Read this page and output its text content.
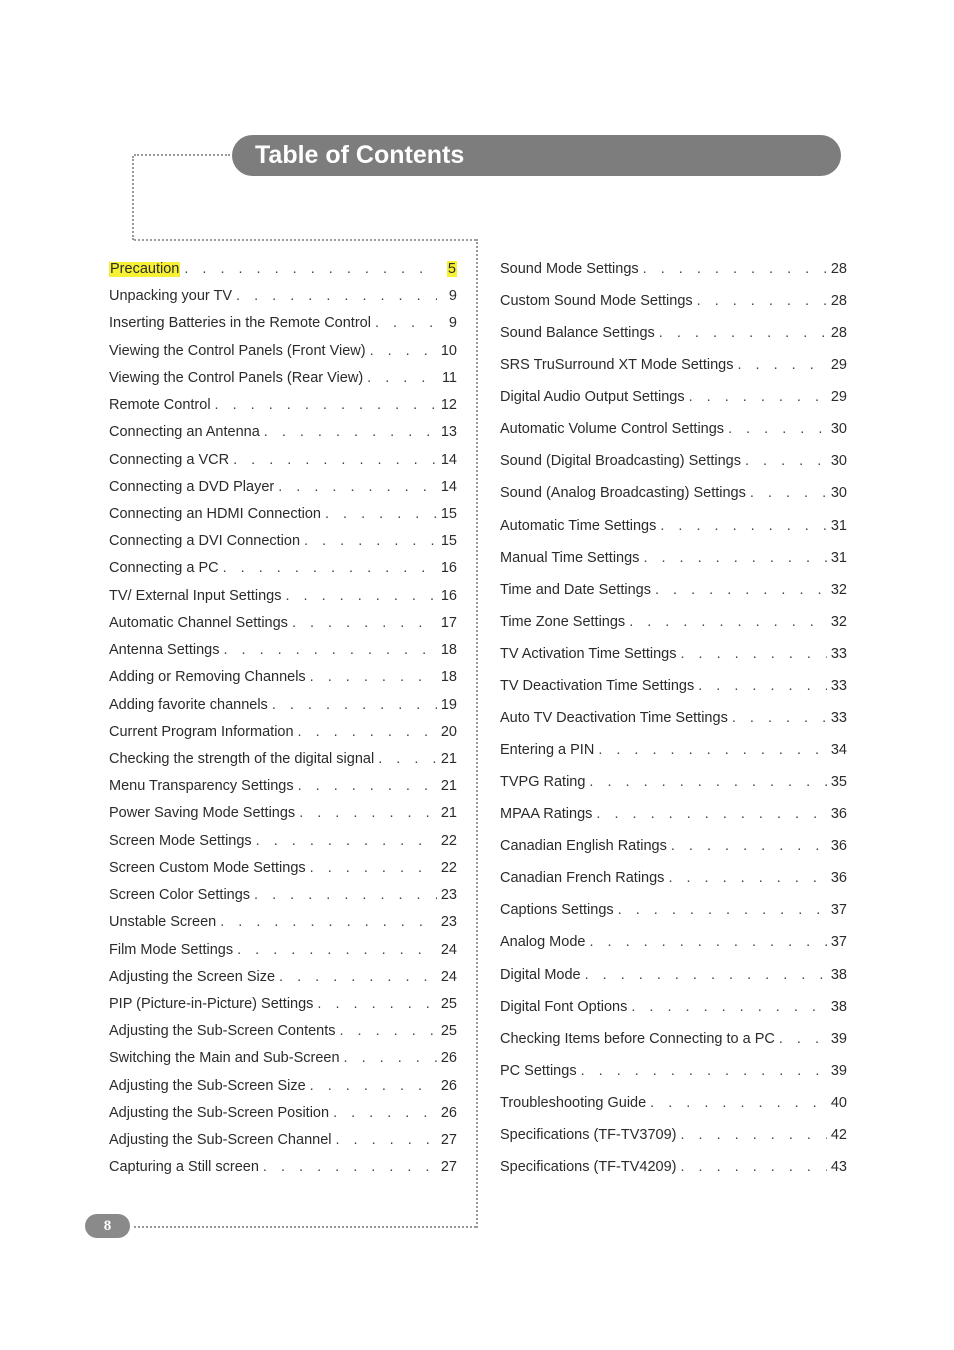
Table of Contents
Precaution . . .	5
Unpacking your TV . . .	9
Inserting Batteries in the Remote Control . . .	9
Viewing the Control Panels (Front View) . . .	10
Viewing the Control Panels (Rear View) . . .	11
Remote Control . . .	12
Connecting an Antenna . . .	13
Connecting a VCR . . .	14
Connecting a DVD Player . . .	14
Connecting an HDMI Connection . . .	15
Connecting a DVI Connection . . .	15
Connecting a PC . . .	16
TV/ External Input Settings . . .	16
Automatic Channel Settings . . .	17
Antenna Settings . . .	18
Adding or Removing Channels . . .	18
Adding favorite channels . . .	19
Current Program Information . . .	20
Checking the strength of the digital signal . . .	21
Menu Transparency Settings . . .	21
Power Saving Mode Settings . . .	21
Screen Mode Settings . . .	22
Screen Custom Mode Settings . . .	22
Screen Color Settings . . .	23
Unstable Screen . . .	23
Film Mode Settings . . .	24
Adjusting the Screen Size . . .	24
PIP (Picture-in-Picture) Settings . . .	25
Adjusting the Sub-Screen Contents . . .	25
Switching the Main and Sub-Screen . . .	26
Adjusting the Sub-Screen Size . . .	26
Adjusting the Sub-Screen Position . . .	26
Adjusting the Sub-Screen Channel . . .	27
Capturing a Still screen . . .	27
Sound Mode Settings . . .	28
Custom Sound Mode Settings . . .	28
Sound Balance Settings . . .	28
SRS TruSurround XT Mode Settings . . .	29
Digital Audio Output Settings . . .	29
Automatic Volume Control Settings . . .	30
Sound (Digital Broadcasting) Settings . . .	30
Sound (Analog Broadcasting) Settings . . .	30
Automatic Time Settings . . .	31
Manual Time Settings . . .	31
Time and Date Settings . . .	32
Time Zone Settings . . .	32
TV Activation Time Settings . . .	33
TV Deactivation Time Settings . . .	33
Auto TV Deactivation Time Settings . . .	33
Entering a PIN . . .	34
TVPG Rating . . .	35
MPAA Ratings . . .	36
Canadian English Ratings . . .	36
Canadian French Ratings . . .	36
Captions Settings . . .	37
Analog Mode . . .	37
Digital Mode . . .	38
Digital Font Options . . .	38
Checking Items before Connecting to a PC . . .	39
PC Settings . . .	39
Troubleshooting Guide . . .	40
Specifications (TF-TV3709) . . .	42
Specifications (TF-TV4209) . . .	43
8
